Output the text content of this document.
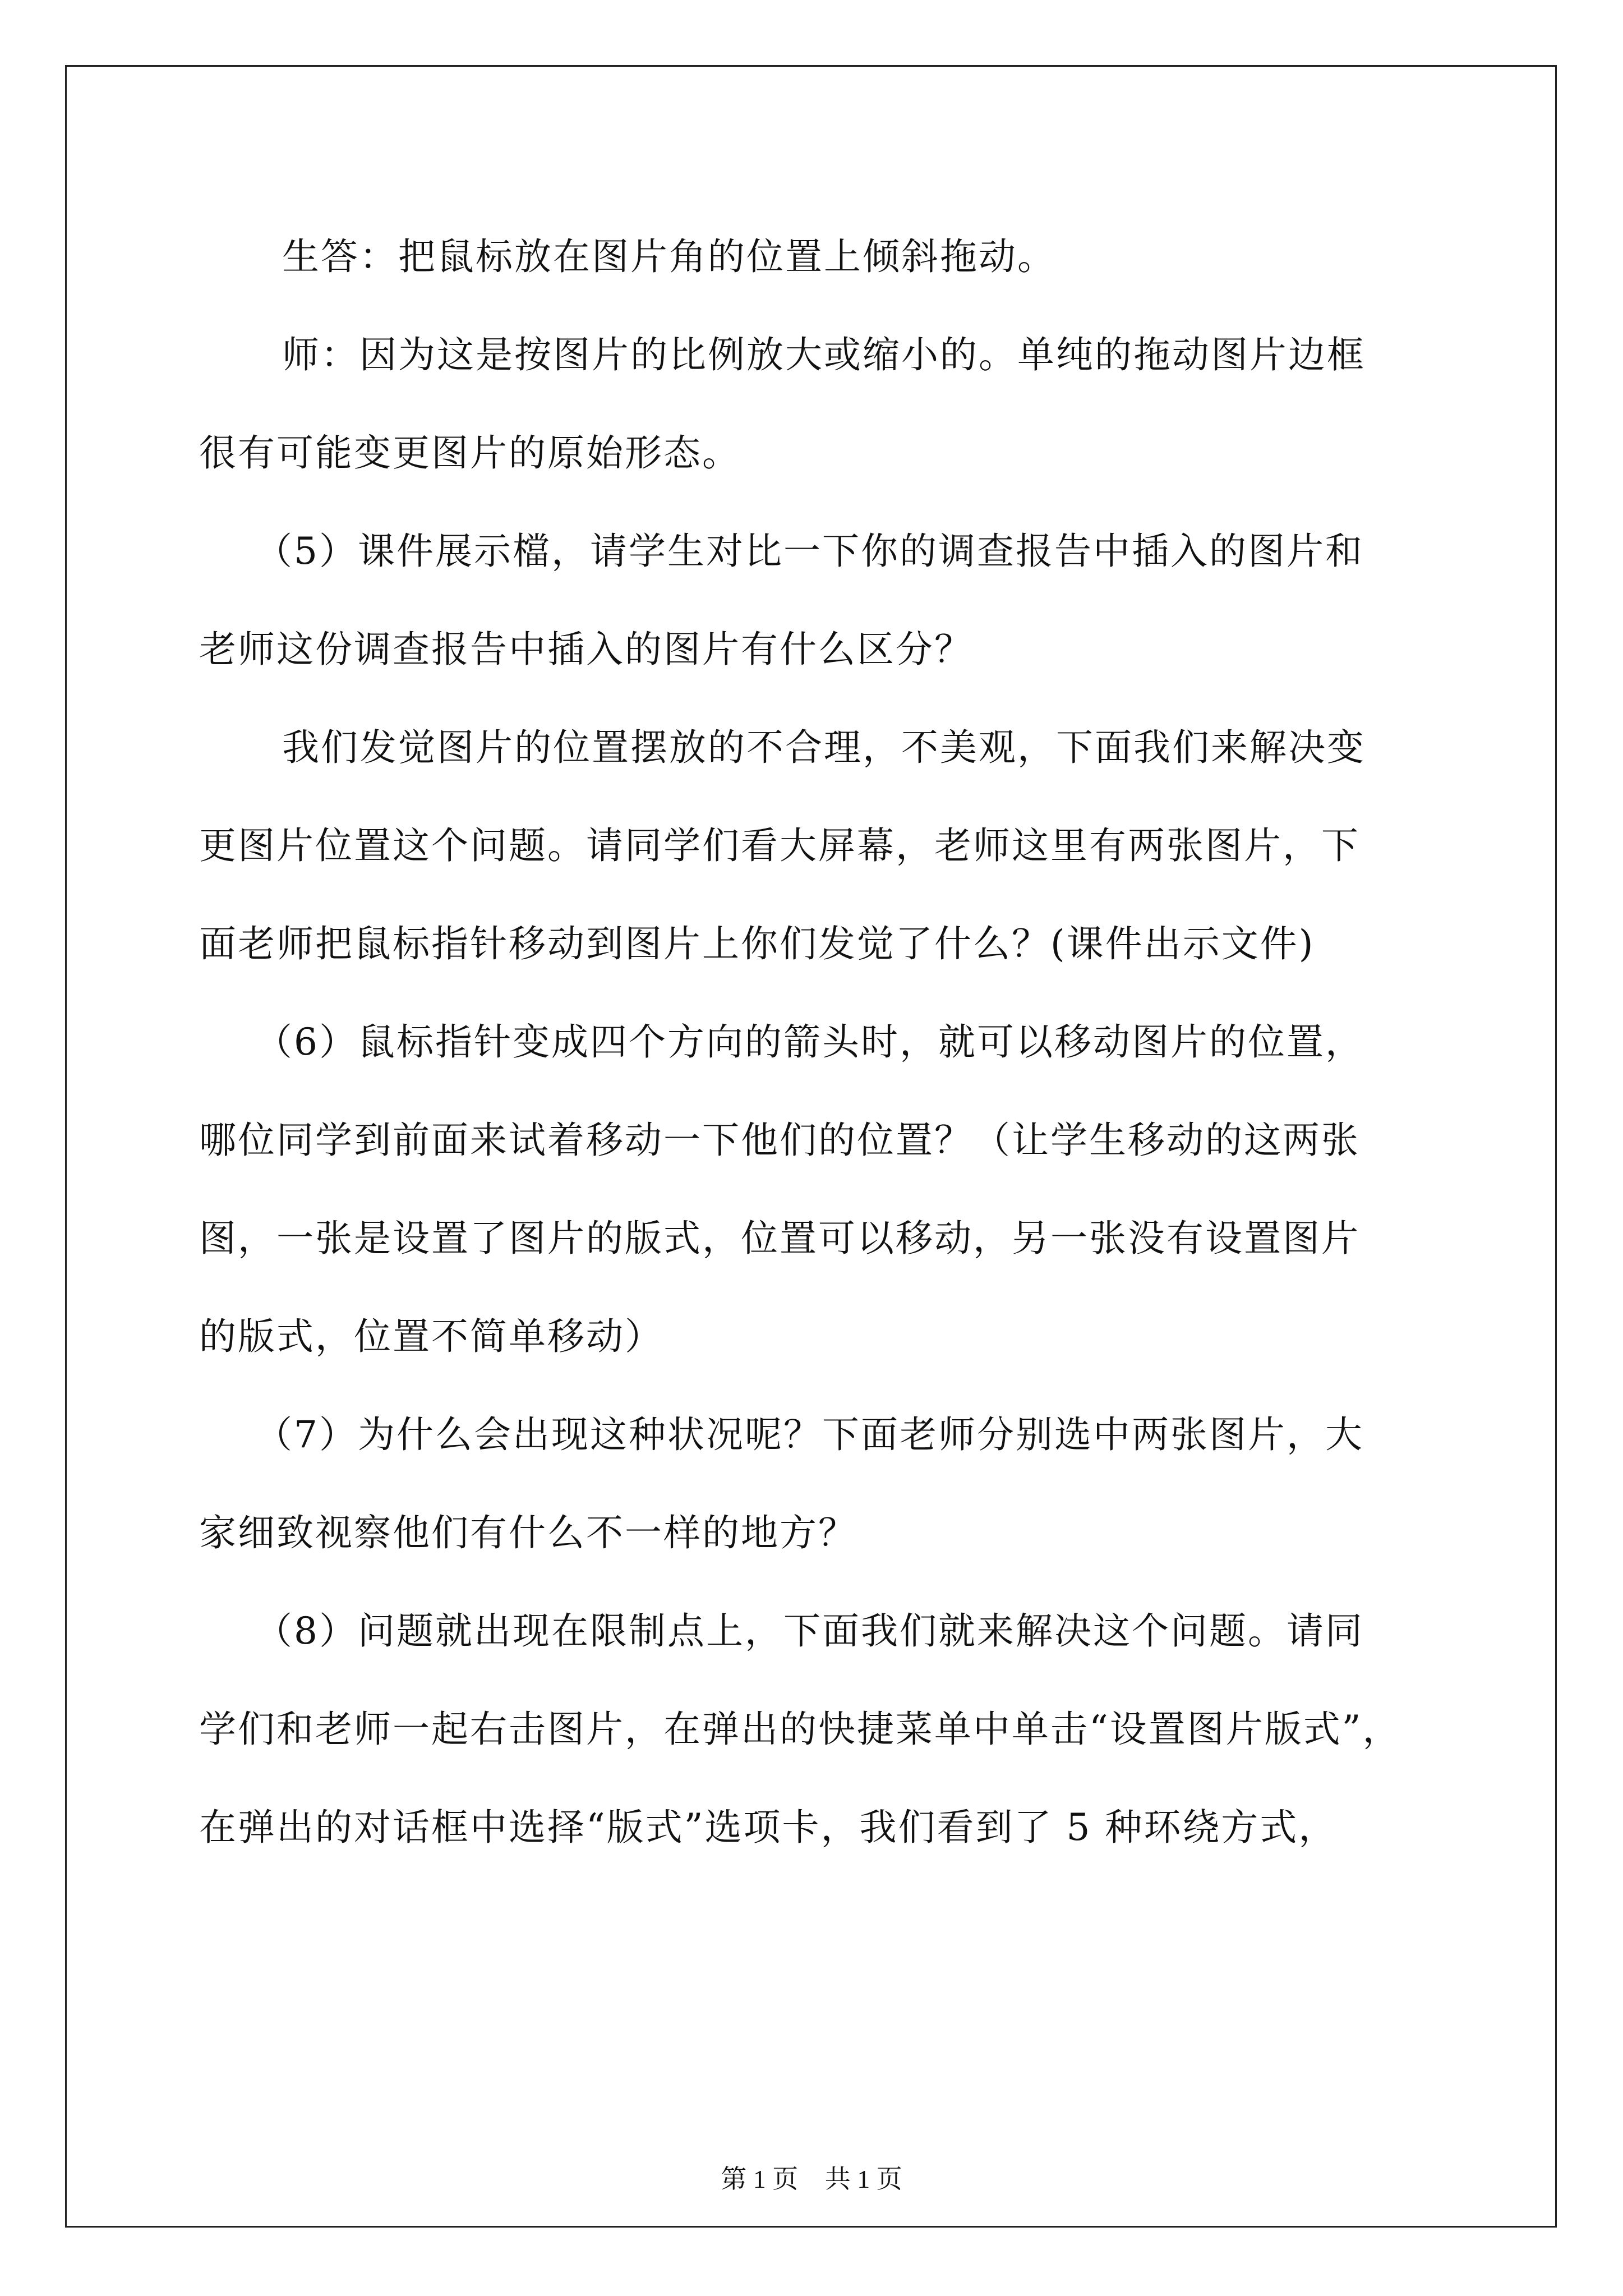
生答：把鼠标放在图片角的位置上倾斜拖动。
师：因为这是按图片的比例放大或缩小的。单纯的拖动图片边框
很有可能变更图片的原始形态。
（5）课件展示檔，请学生对比一下你的调查报告中插入的图片和
老师这份调查报告中插入的图片有什么区分？
我们发觉图片的位置摆放的不合理，不美观，下面我们来解决变
更图片位置这个问题。请同学们看大屏幕，老师这里有两张图片，下
面老师把鼠标指针移动到图片上你们发觉了什么？(课件出示文件)
（6）鼠标指针变成四个方向的箭头时，就可以移动图片的位置，
哪位同学到前面来试着移动一下他们的位置？（让学生移动的这两张
图，一张是设置了图片的版式，位置可以移动，另一张没有设置图片
的版式，位置不简单移动）
（7）为什么会出现这种状况呢？下面老师分别选中两张图片，大
家细致视察他们有什么不一样的地方？
（8）问题就出现在限制点上，下面我们就来解决这个问题。请同
学们和老师一起右击图片，在弹出的快捷菜单中单击“设置图片版式”，
在弹出的对话框中选择“版式”选项卡，我们看到了 5 种环绕方式，
第 1 页 共 1 页
